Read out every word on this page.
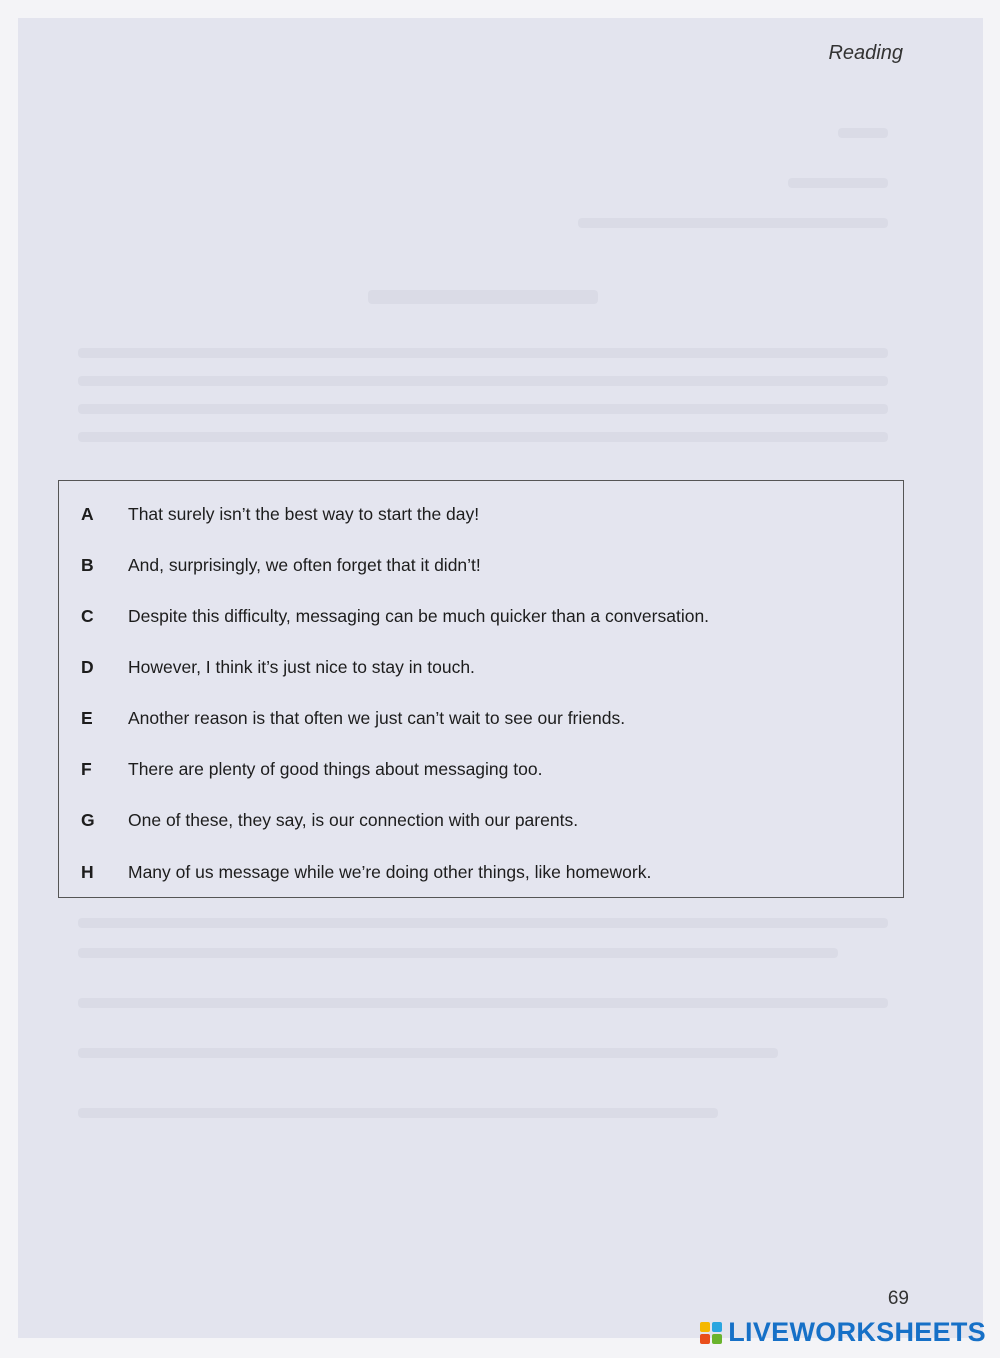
Reading
A	That surely isn’t the best way to start the day!
B	And, surprisingly, we often forget that it didn’t!
C	Despite this difficulty, messaging can be much quicker than a conversation.
D	However, I think it’s just nice to stay in touch.
E	Another reason is that often we just can’t wait to see our friends.
F	There are plenty of good things about messaging too.
G	One of these, they say, is our connection with our parents.
H	Many of us message while we’re doing other things, like homework.
69
LIVEWORKSHEETS
